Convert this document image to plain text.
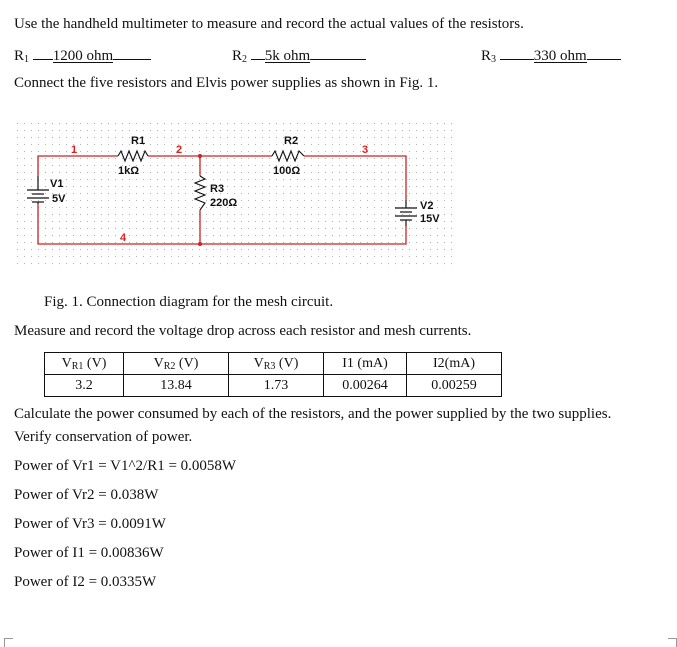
Use the handheld multimeter to measure and record the actual values of the resistors.
$R_1$ 1200 ohm	$R_2$ 5k ohm	$R_3$	330 ohm
Connect the five resistors and Elvis power supplies as shown in Fig. 1.
R1
1kΩ
R2
100Ω
R3
220Ω
V1
5V
V2
15V
1	2	3
4
Fig. 1. Connection diagram for the mesh circuit.
Measure and record the voltage drop across each resistor and mesh currents.
$V_{R1}$ (V)	$V_{R2}$ (V)	$V_{R3}$ (V)	I1 (mA)	I2(mA)
3.2	13.84	1.73	0.00264	0.00259
Calculate the power consumed by each of the resistors, and the power supplied by the two supplies.
Verify conservation of power.
Power of Vr1 = V1^2/R1 = 0.0058W
Power of Vr2 = 0.038W
Power of Vr3 = 0.0091W
Power of I1 = 0.00836W
Power of I2 = 0.0335W
